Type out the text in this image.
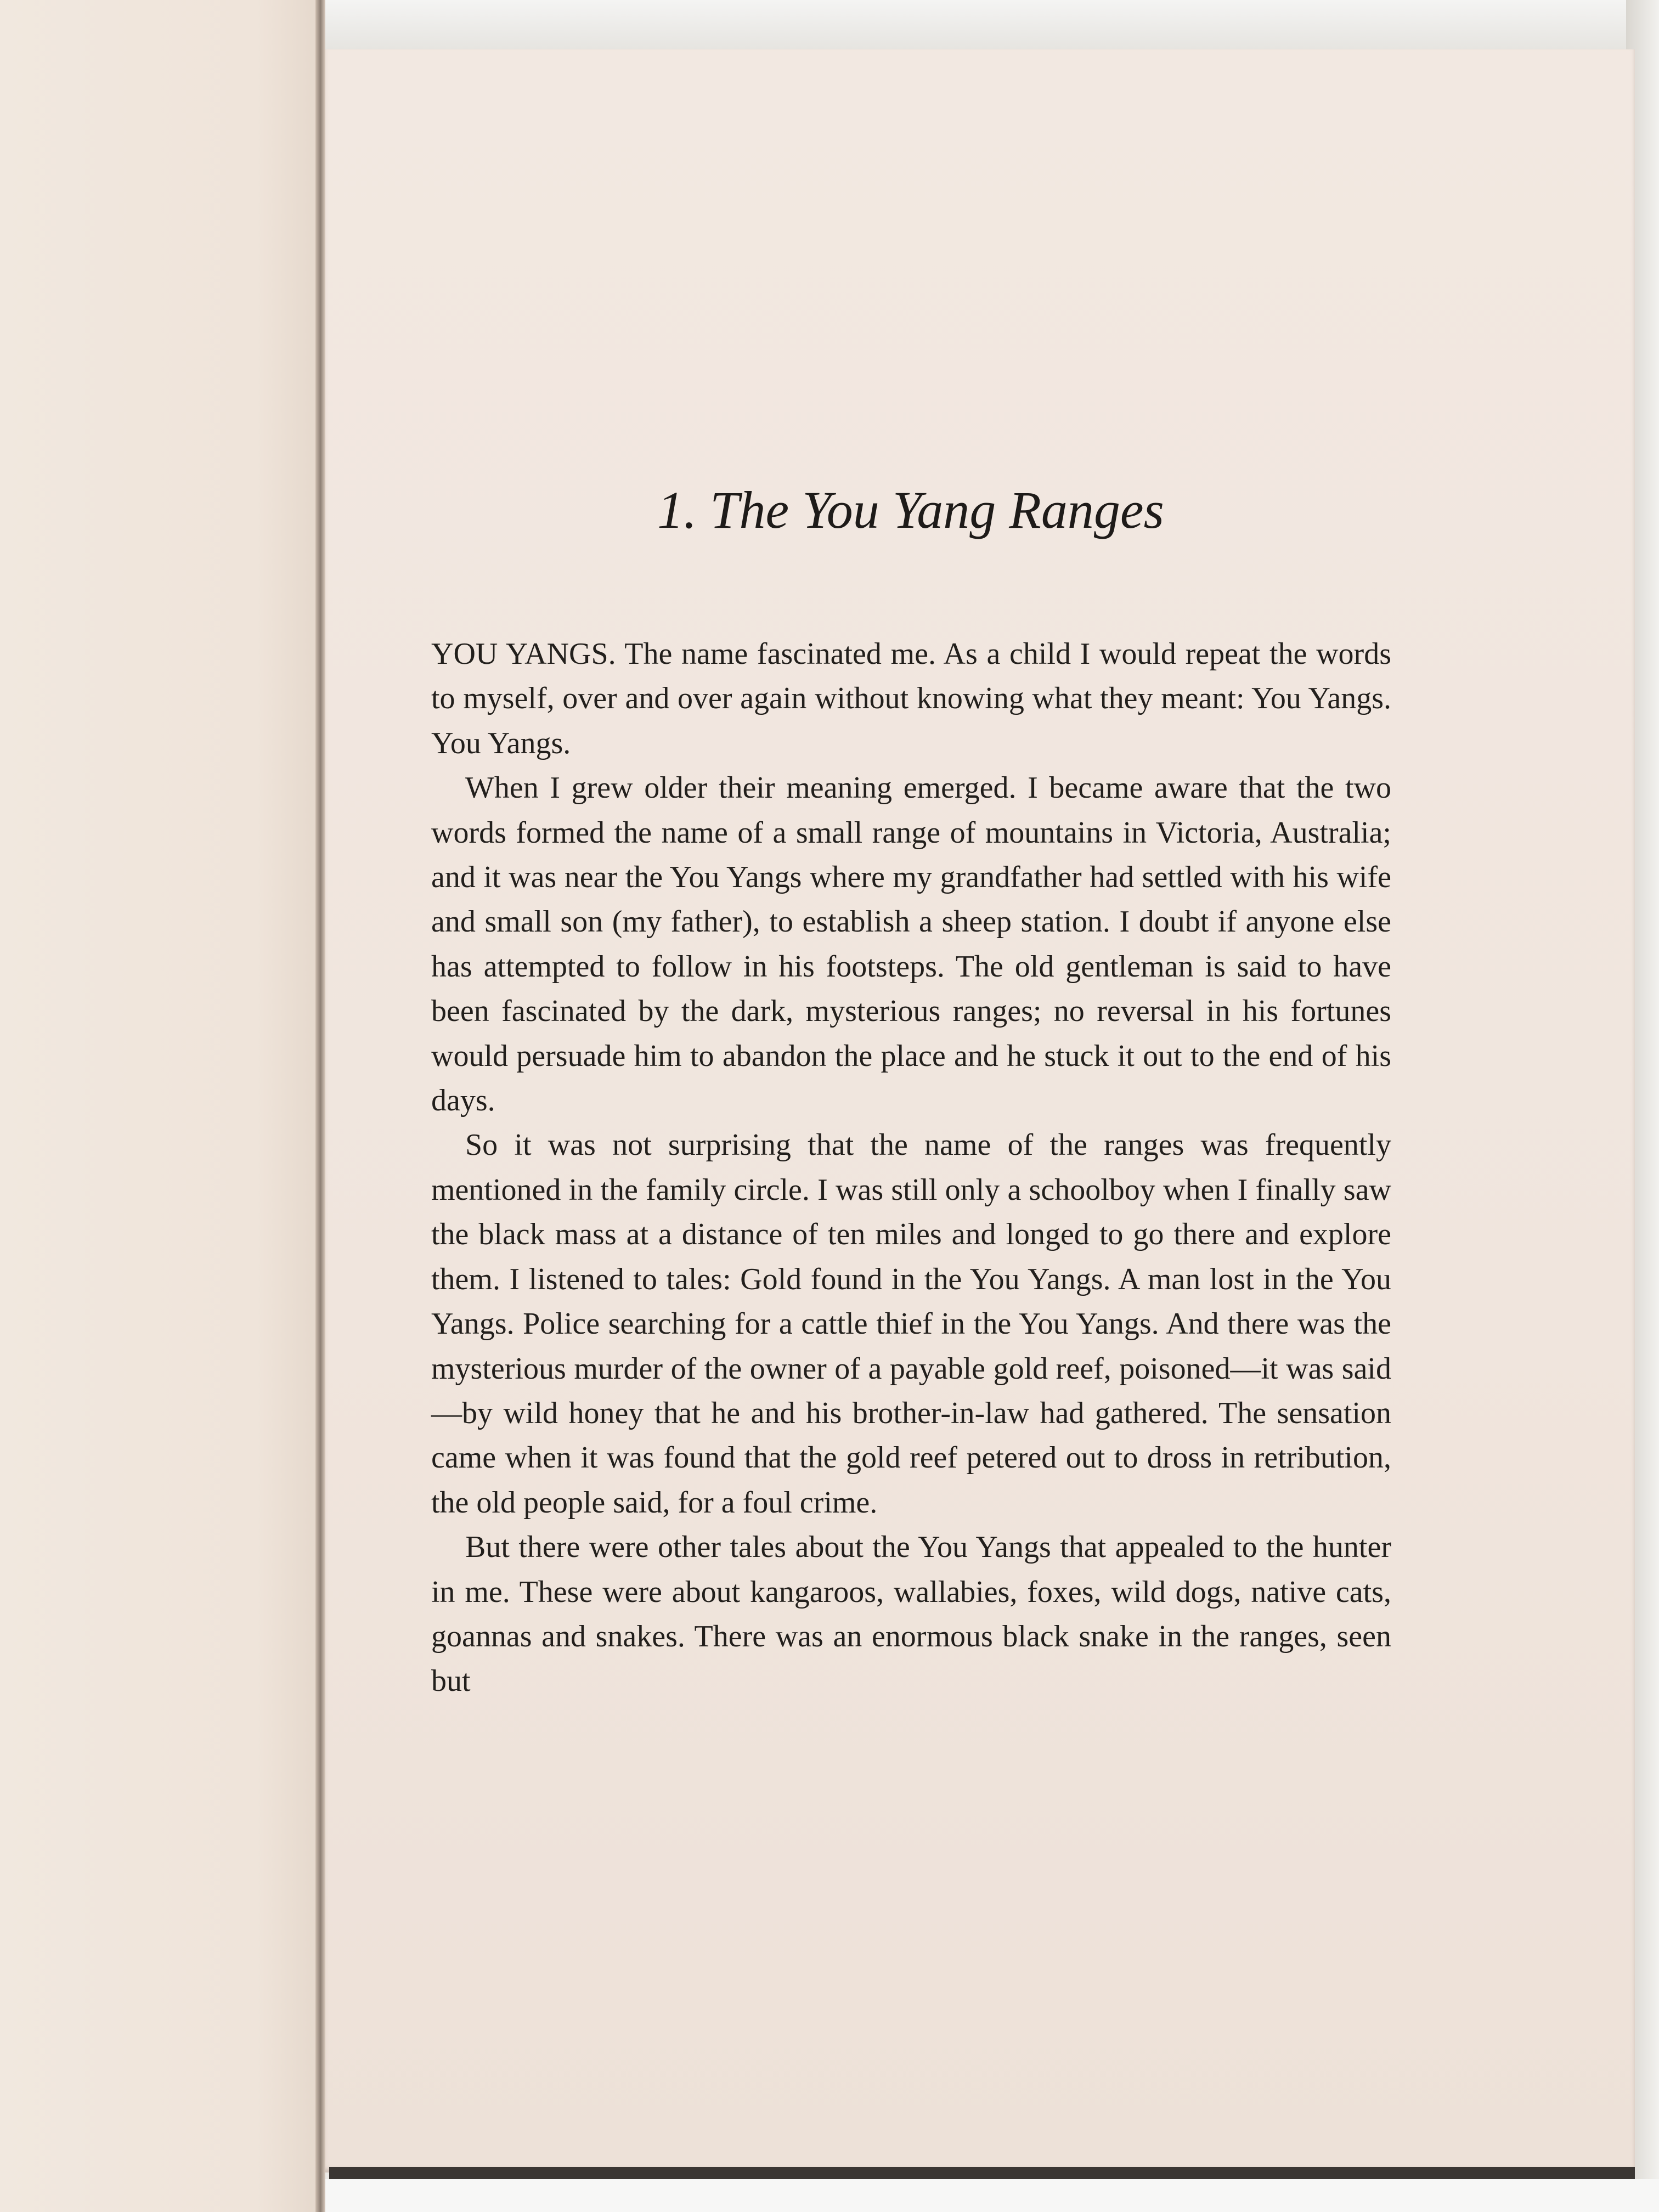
1. The You Yang Ranges

YOU YANGS. The name fascinated me. As a child I would repeat the words to myself, over and over again without knowing what they meant: You Yangs. You Yangs.

When I grew older their meaning emerged. I became aware that the two words formed the name of a small range of mountains in Victoria, Australia; and it was near the You Yangs where my grandfather had settled with his wife and small son (my father), to establish a sheep station. I doubt if anyone else has attempted to follow in his footsteps. The old gentleman is said to have been fascinated by the dark, mysterious ranges; no reversal in his fortunes would persuade him to abandon the place and he stuck it out to the end of his days.

So it was not surprising that the name of the ranges was frequently mentioned in the family circle. I was still only a schoolboy when I finally saw the black mass at a distance of ten miles and longed to go there and explore them. I listened to tales: Gold found in the You Yangs. A man lost in the You Yangs. Police searching for a cattle thief in the You Yangs. And there was the mysterious murder of the owner of a payable gold reef, poisoned—it was said—by wild honey that he and his brother-in-law had gathered. The sensation came when it was found that the gold reef petered out to dross in retribution, the old people said, for a foul crime.

But there were other tales about the You Yangs that appealed to the hunter in me. These were about kangaroos, wallabies, foxes, wild dogs, native cats, goannas and snakes. There was an enormous black snake in the ranges, seen but
